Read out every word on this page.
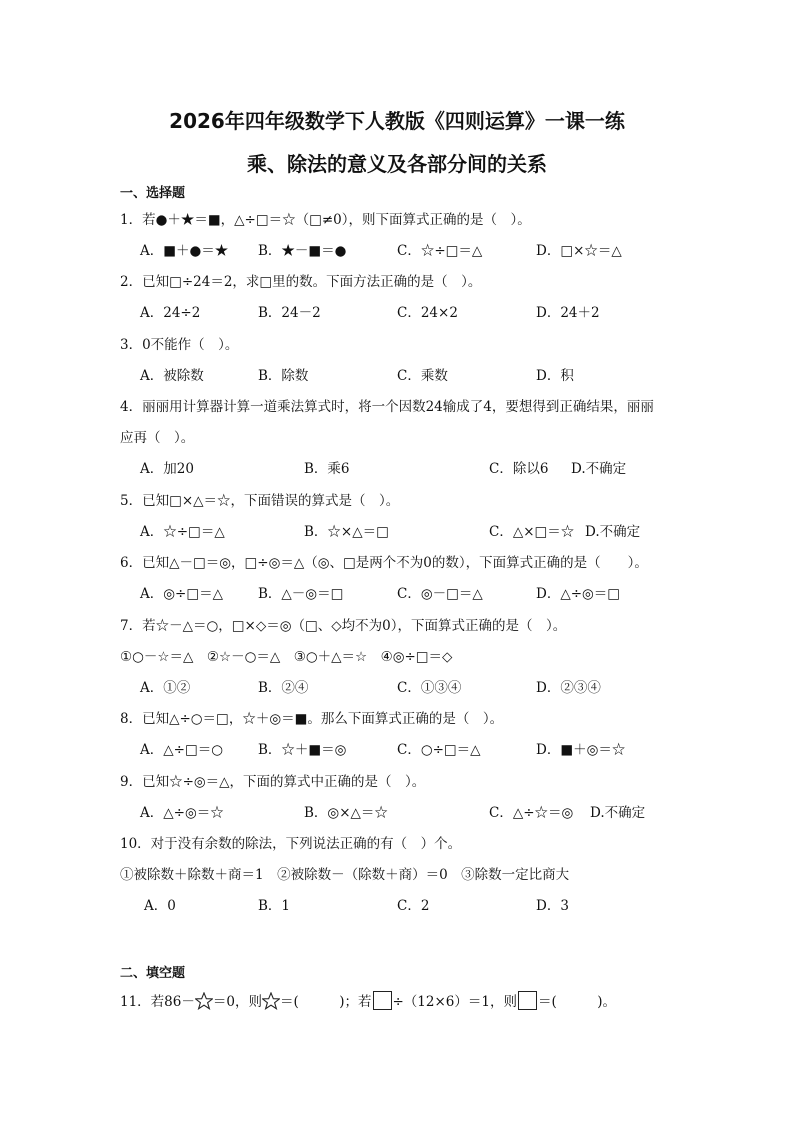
2026年四年级数学下人教版《四则运算》一课一练
乘、除法的意义及各部分间的关系
一、选择题
1．若●＋★＝■，△÷□＝☆（□≠0），则下面算式正确的是（　）。
A．■＋●＝★ B．★－■＝●	C．☆÷□＝△	D．□×☆＝△
2．已知□÷24＝2，求□里的数。下面方法正确的是（　）。
A．24÷2	B．24－2	C．24×2	D．24＋2
3．0不能作（　）。
A．被除数	B．除数	C．乘数	D．积
4．丽丽用计算器计算一道乘法算式时，将一个因数24输成了4，要想得到正确结果，丽丽
应再（　）。
A．加20	B．乘6	C．除以6 D.不确定
5．已知□×△＝☆，下面错误的算式是（　）。
A．☆÷□＝△	B．☆×△＝□	C．△×□＝☆ D.不确定
6．已知△－□＝◎，□÷◎＝△（◎、□是两个不为0的数），下面算式正确的是（　　）。
A．◎÷□＝△	B．△－◎＝□	C．◎－□＝△	D．△÷◎＝□
7．若☆－△＝○，□×◇＝◎（□、◇均不为0），下面算式正确的是（　）。
①○－☆＝△　②☆－○＝△　③○＋△＝☆　④◎÷□＝◇
A．①②	B．②④	C．①③④	D．②③④
8．已知△÷○＝□，☆＋◎＝■。那么下面算式正确的是（　）。
A．△÷□＝○	B．☆＋■＝◎	C．○÷□＝△	D．■＋◎＝☆
9．已知☆÷◎＝△，下面的算式中正确的是（　）。
A．△÷◎＝☆	B．◎×△＝☆	C．△÷☆＝◎ D.不确定
10．对于没有余数的除法，下列说法正确的有（　）个。
①被除数＋除数＋商＝1　②被除数－（除数＋商）＝0　③除数一定比商大
A．0	B．1	C．2	D．3
二、填空题
11．若86－ ＝0，则 ＝(　　　)；若 ÷（12×6）＝1，则 ＝(　　　)。
